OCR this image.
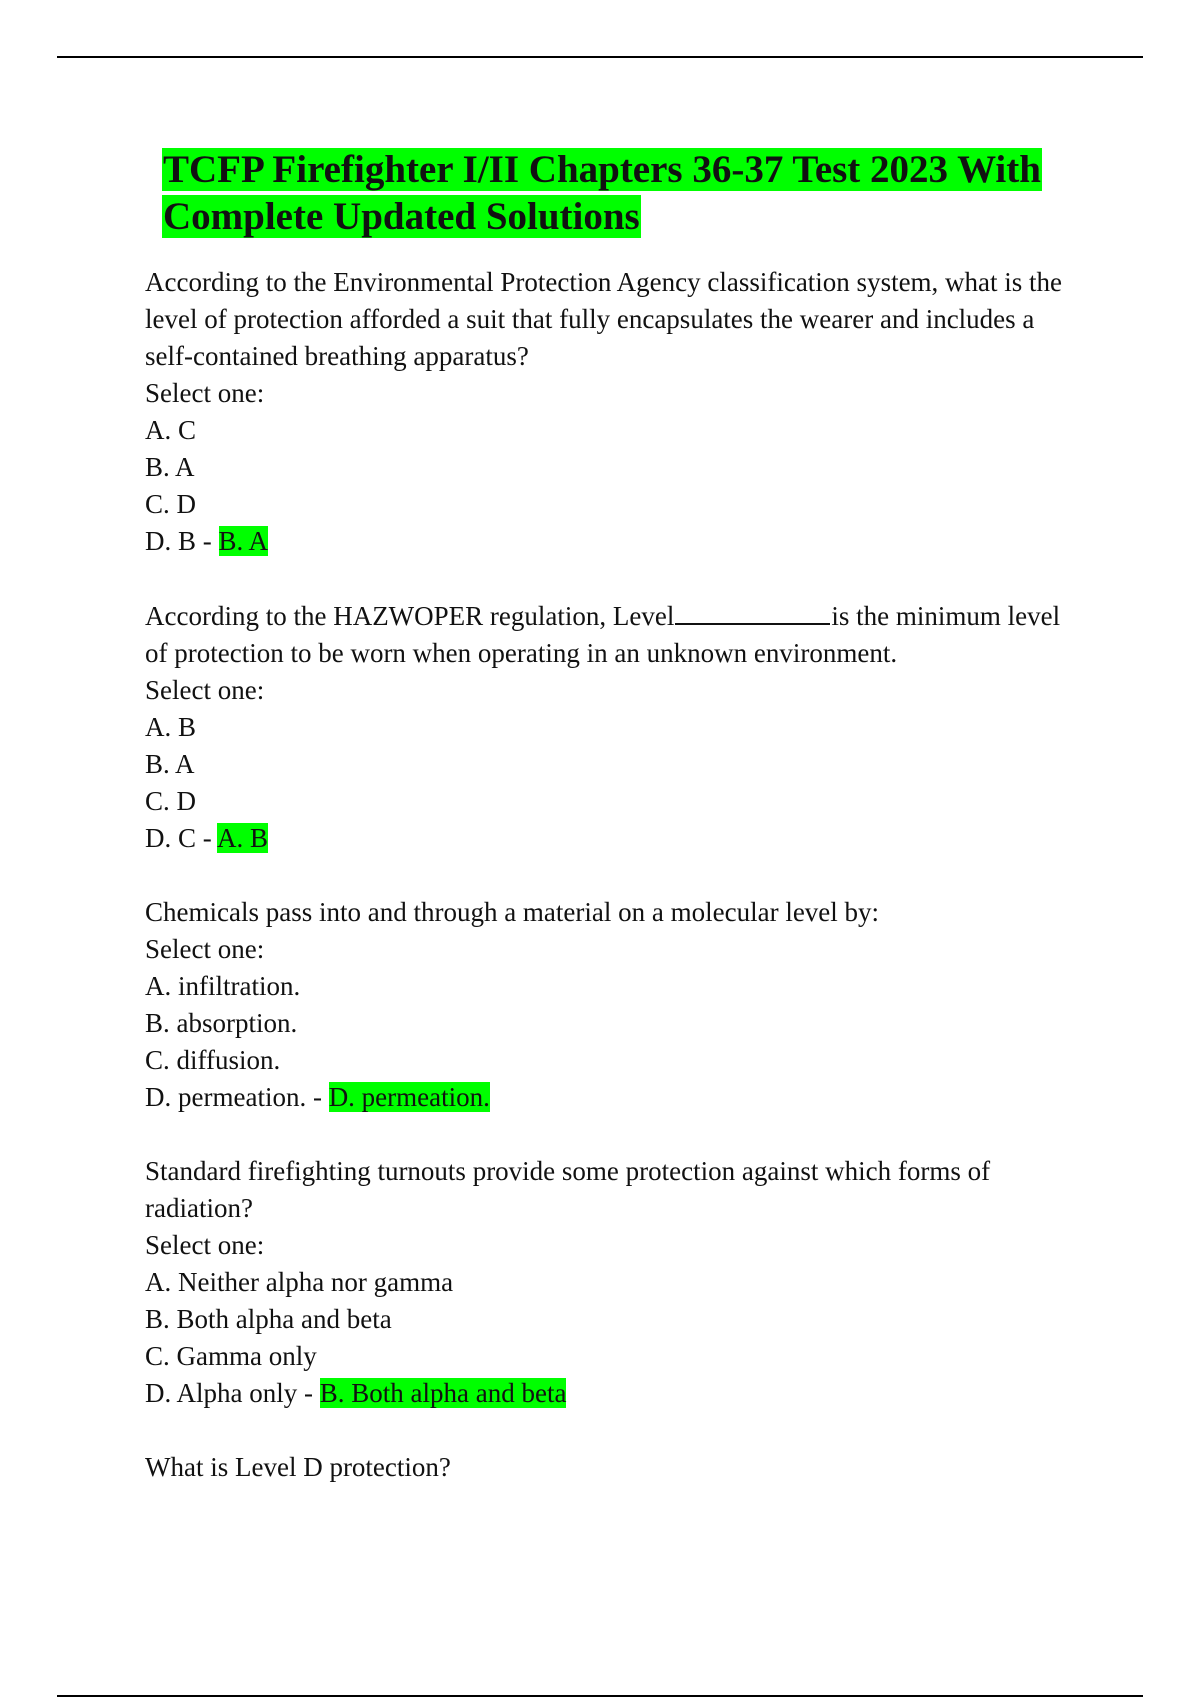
TCFP Firefighter I/II Chapters 36-37 Test 2023 With Complete Updated Solutions

According to the Environmental Protection Agency classification system, what is the level of protection afforded a suit that fully encapsulates the wearer and includes a self-contained breathing apparatus?

Select one:

A. C

B. A

C. D

D. B - B. A

According to the HAZWOPER regulation, Level	is the minimum level of protection to be worn when operating in an unknown environment.

Select one:

A. B

B. A

C. D

D. C - A. B

Chemicals pass into and through a material on a molecular level by:

Select one:

A. infiltration.

B. absorption.

C. diffusion.

D. permeation. - D. permeation.

Standard firefighting turnouts provide some protection against which forms of radiation?

Select one:

A. Neither alpha nor gamma

B. Both alpha and beta

C. Gamma only

D. Alpha only - B. Both alpha and beta

What is Level D protection?
